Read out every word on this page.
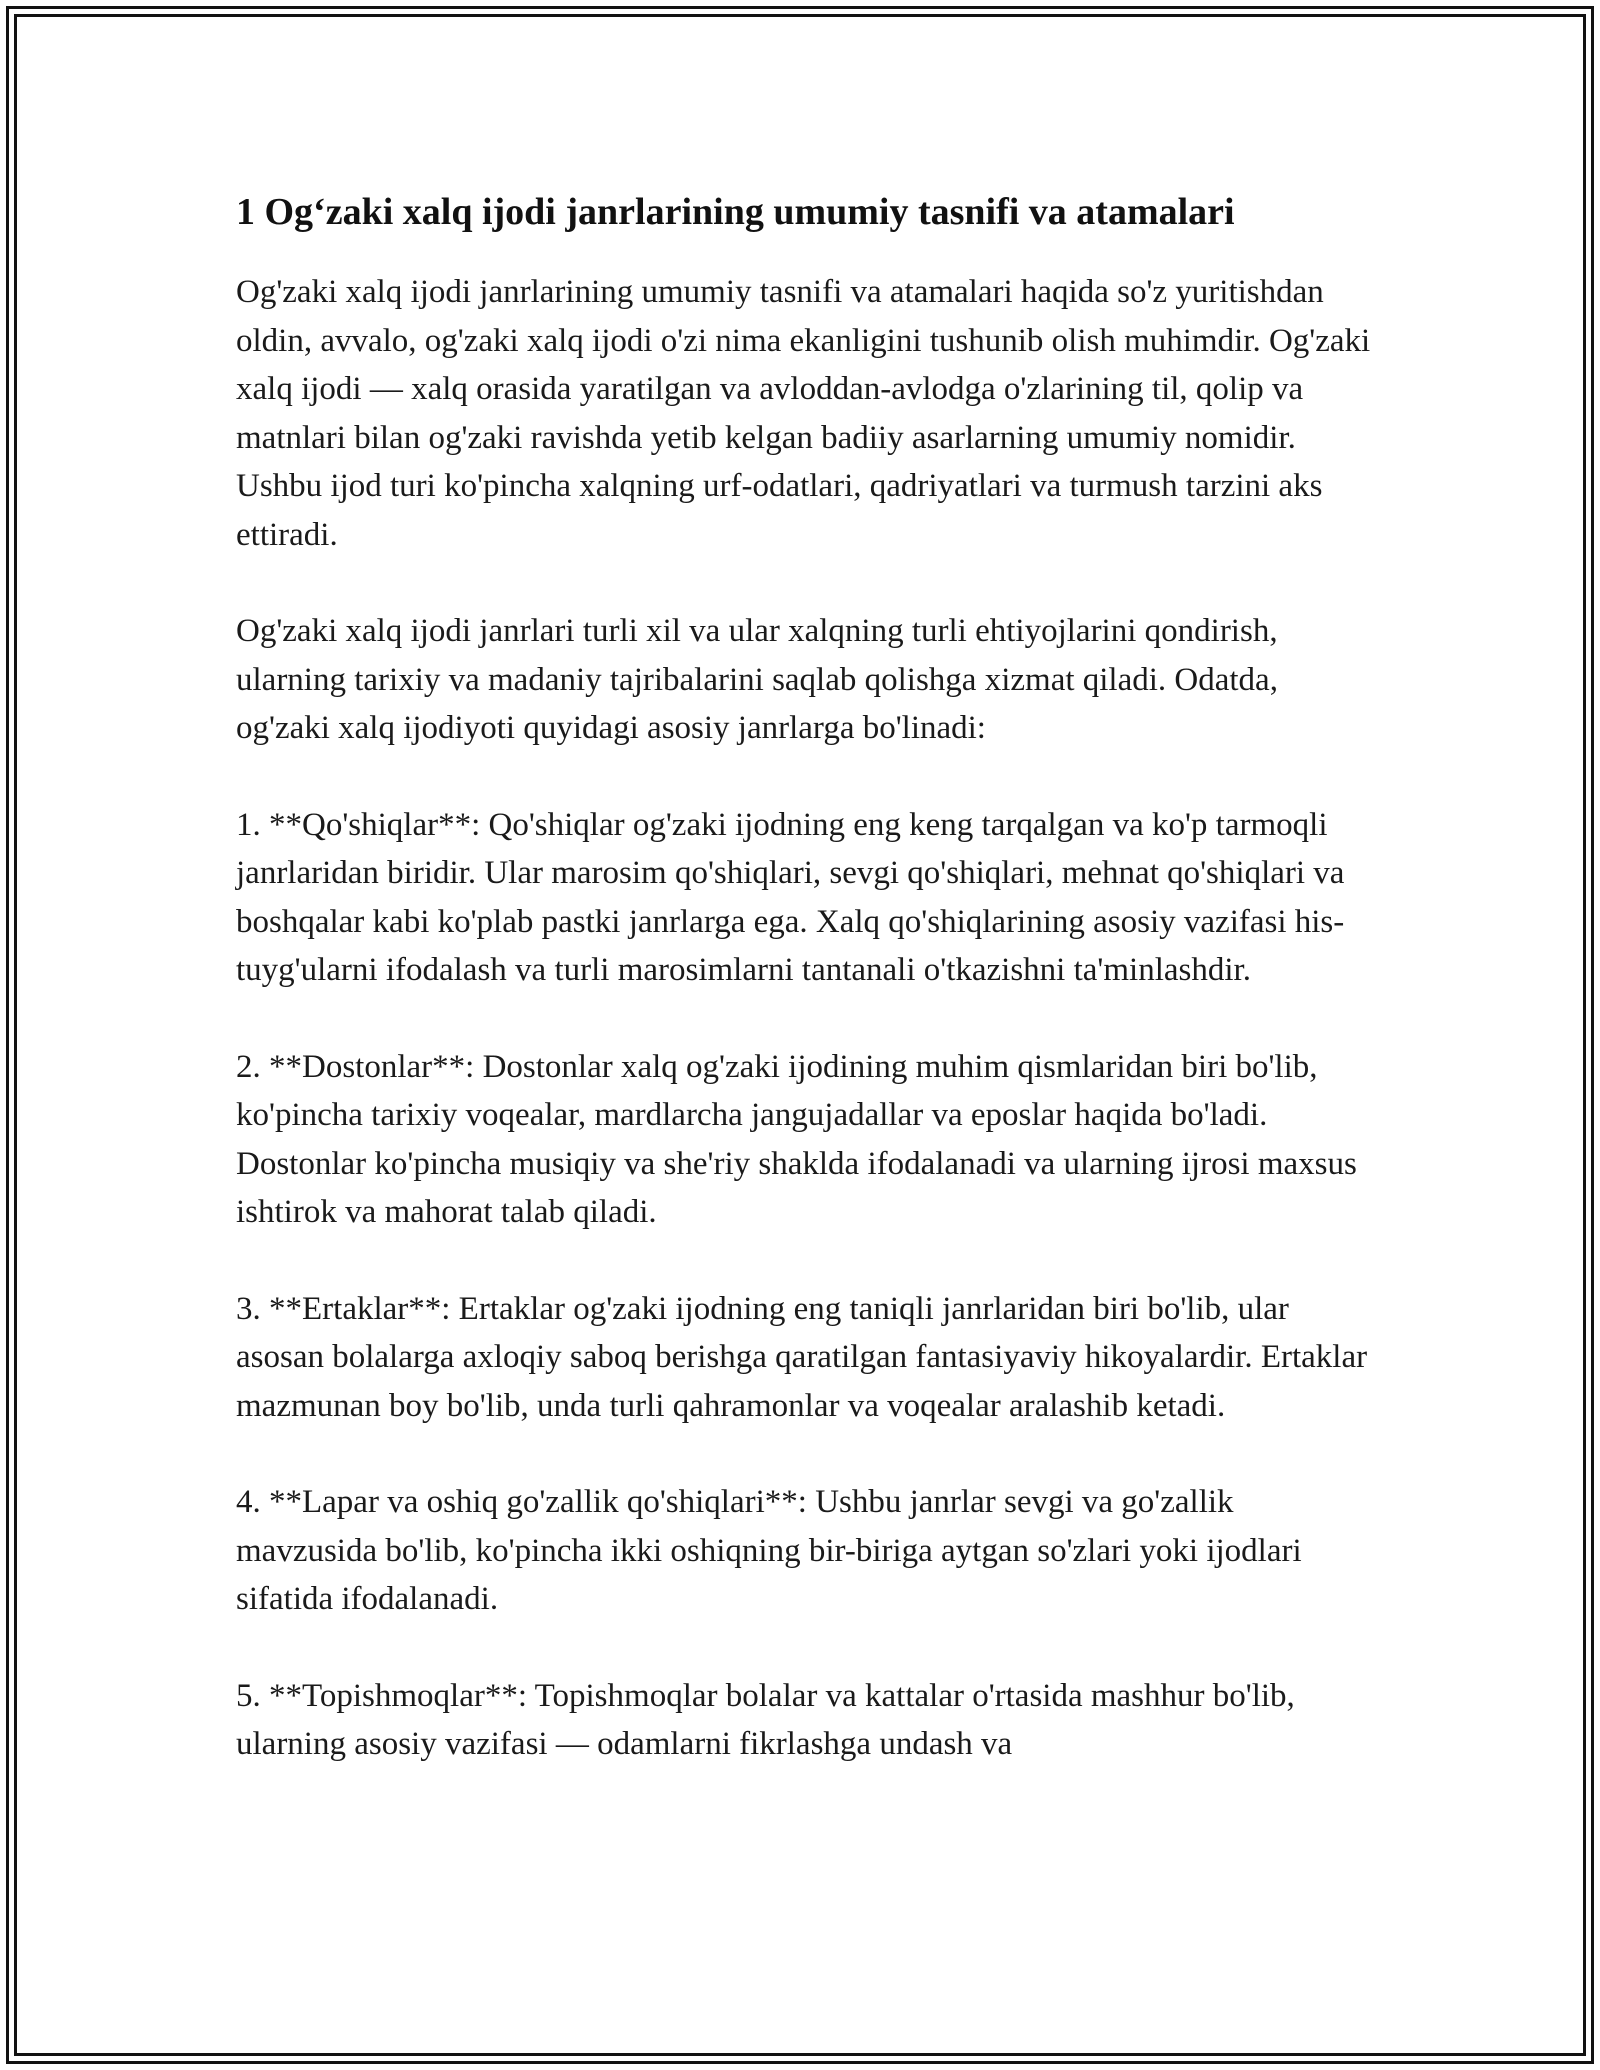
1 Og‘zaki xalq ijodi janrlarining umumiy tasnifi va atamalari

Og'zaki xalq ijodi janrlarining umumiy tasnifi va atamalari haqida so'z yuritishdan oldin, avvalo, og'zaki xalq ijodi o'zi nima ekanligini tushunib olish muhimdir. Og'zaki xalq ijodi — xalq orasida yaratilgan va avloddan-avlodga o'zlarining til, qolip va matnlari bilan og'zaki ravishda yetib kelgan badiiy asarlarning umumiy nomidir. Ushbu ijod turi ko'pincha xalqning urf-odatlari, qadriyatlari va turmush tarzini aks ettiradi.

Og'zaki xalq ijodi janrlari turli xil va ular xalqning turli ehtiyojlarini qondirish, ularning tarixiy va madaniy tajribalarini saqlab qolishga xizmat qiladi. Odatda, og'zaki xalq ijodiyoti quyidagi asosiy janrlarga bo'linadi:

1. **Qo'shiqlar**: Qo'shiqlar og'zaki ijodning eng keng tarqalgan va ko'p tarmoqli janrlaridan biridir. Ular marosim qo'shiqlari, sevgi qo'shiqlari, mehnat qo'shiqlari va boshqalar kabi ko'plab pastki janrlarga ega. Xalq qo'shiqlarining asosiy vazifasi his-tuyg'ularni ifodalash va turli marosimlarni tantanali o'tkazishni ta'minlashdir.

2. **Dostonlar**: Dostonlar xalq og'zaki ijodining muhim qismlaridan biri bo'lib, ko'pincha tarixiy voqealar, mardlarcha jangujadallar va eposlar haqida bo'ladi. Dostonlar ko'pincha musiqiy va she'riy shaklda ifodalanadi va ularning ijrosi maxsus ishtirok va mahorat talab qiladi.

3. **Ertaklar**: Ertaklar og'zaki ijodning eng taniqli janrlaridan biri bo'lib, ular asosan bolalarga axloqiy saboq berishga qaratilgan fantasiyaviy hikoyalardir. Ertaklar mazmunan boy bo'lib, unda turli qahramonlar va voqealar aralashib ketadi.

4. **Lapar va oshiq go'zallik qo'shiqlari**: Ushbu janrlar sevgi va go'zallik mavzusida bo'lib, ko'pincha ikki oshiqning bir-biriga aytgan so'zlari yoki ijodlari sifatida ifodalanadi.

5. **Topishmoqlar**: Topishmoqlar bolalar va kattalar o'rtasida mashhur bo'lib, ularning asosiy vazifasi — odamlarni fikrlashga undash va
